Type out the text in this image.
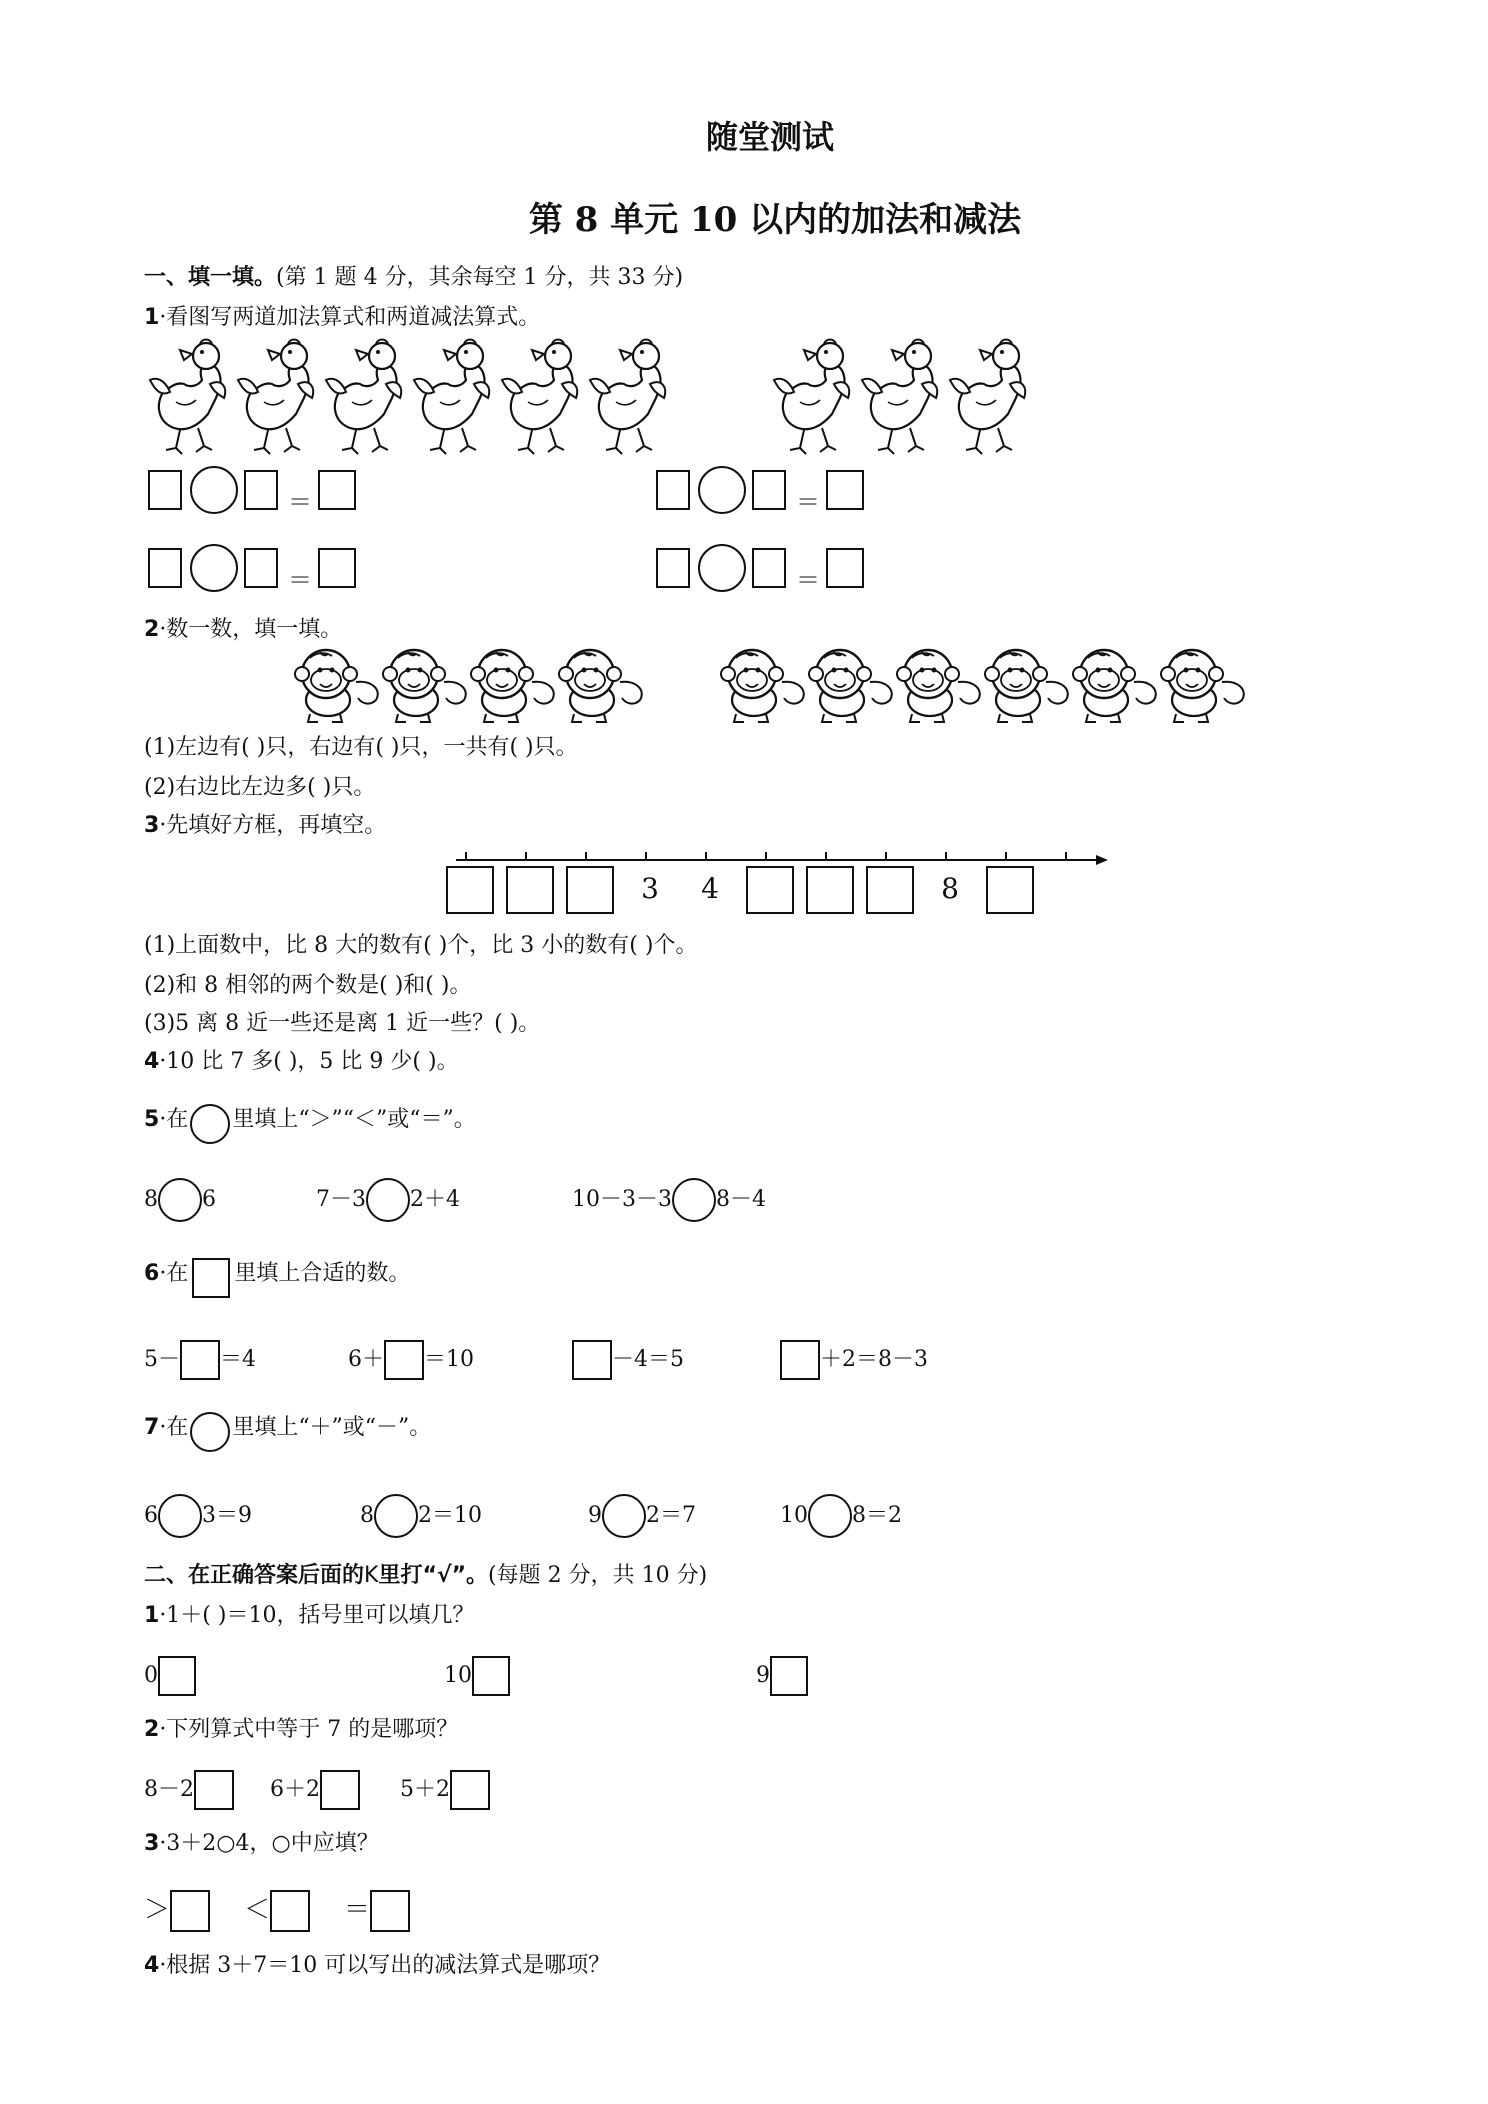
随堂测试
第 8 单元 10 以内的加法和减法
一、填一填。(第 1 题 4 分，其余每空 1 分，共 33 分)
1·看图写两道加法算式和两道减法算式。
＝	＝
＝	＝
2·数一数，填一填。
(1)左边有( )只，右边有( )只，一共有( )只。
(2)右边比左边多( )只。
3·先填好方框，再填空。
3	4	8
(1)上面数中，比 8 大的数有( )个，比 3 小的数有( )个。
(2)和 8 相邻的两个数是( )和( )。
(3)5 离 8 近一些还是离 1 近一些？( )。
4·10 比 7 多( )，5 比 9 少( )。
5·在 里填上“＞”“＜”或“＝”。
8 6	7－3 2＋4	10－3－3 8－4
6·在 里填上合适的数。
5－ ＝4	6＋ ＝10	－4＝5	＋2＝8－3
7·在 里填上“＋”或“－”。
6 3＝9	8 2＝10	9 2＝7	10 8＝2
二、在正确答案后面的K里打“√”。(每题 2 分，共 10 分)
1·1＋( )＝10，括号里可以填几？
0	10	9
2·下列算式中等于 7 的是哪项？
8－2	6＋2	5＋2
3·3＋2○4，○中应填？
＞	＜	＝
4·根据 3＋7＝10 可以写出的减法算式是哪项？
